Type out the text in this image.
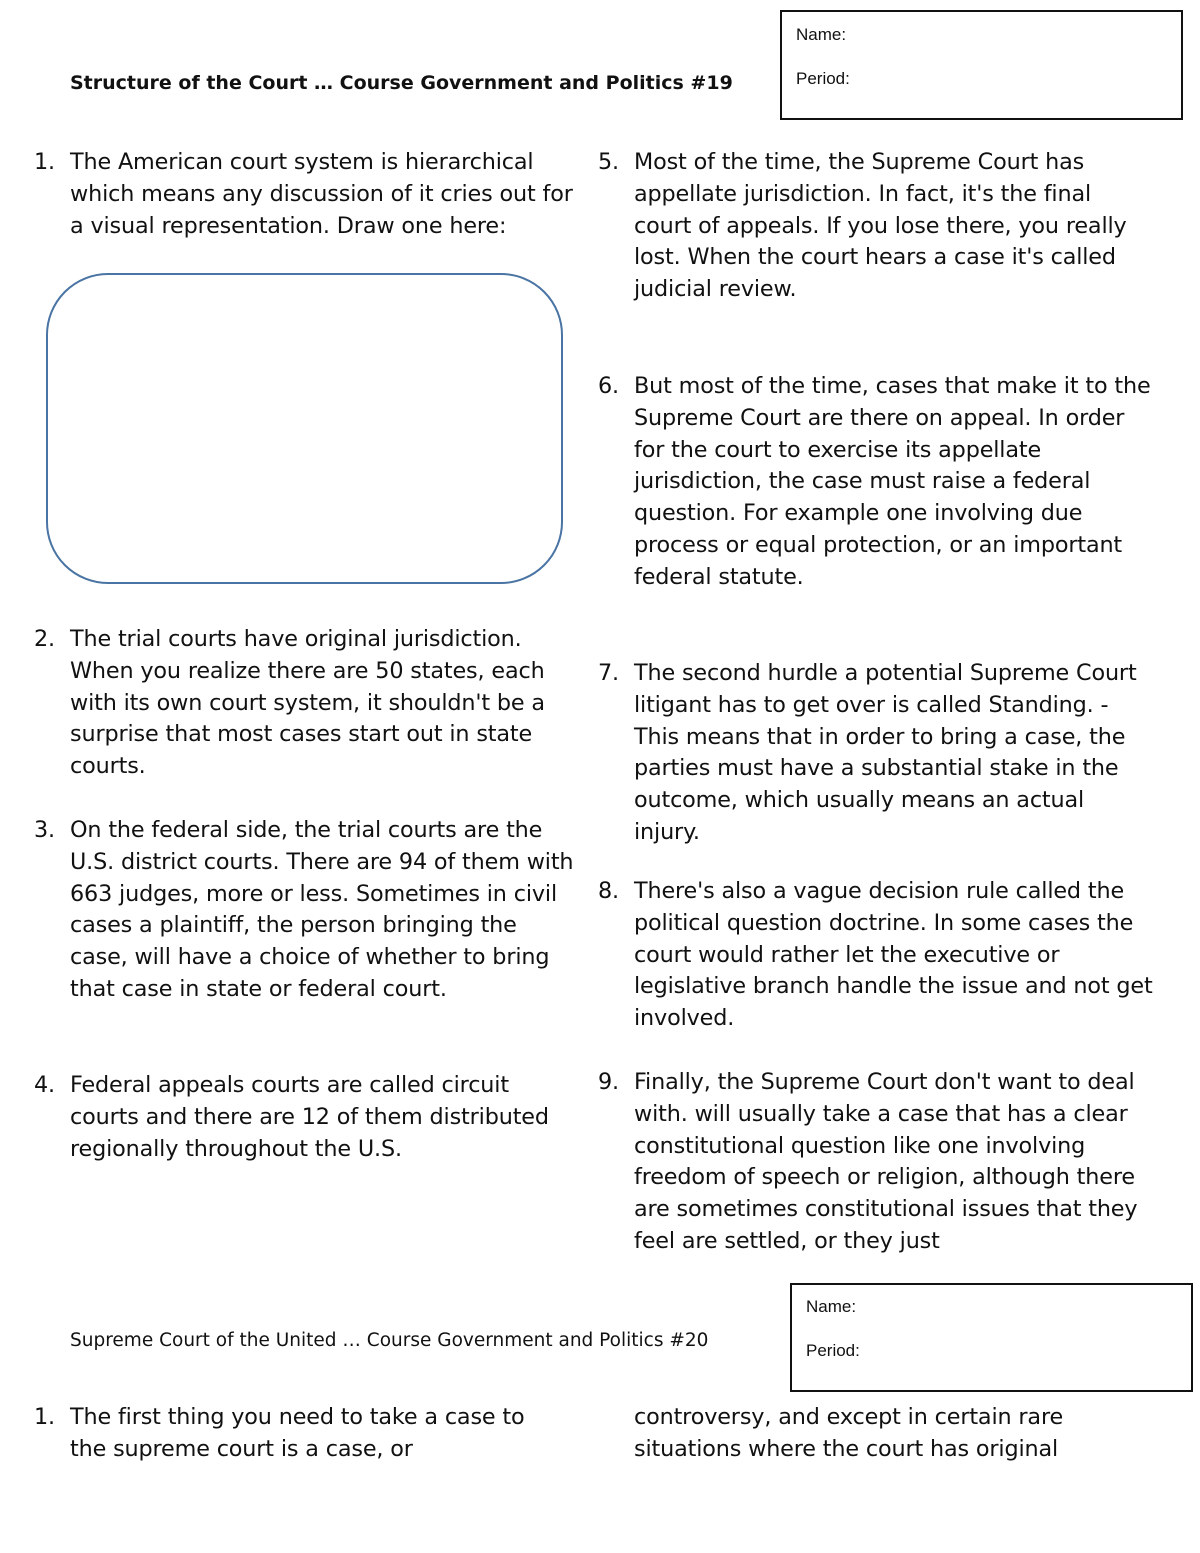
Name:
Period:
Structure of the Court … Course Government and Politics #19
1. The American court system is hierarchical which means any discussion of it cries out for a visual representation. Draw one here:
2. The trial courts have original jurisdiction. When you realize there are 50 states, each with its own court system, it shouldn't be a surprise that most cases start out in state courts.
3. On the federal side, the trial courts are the U.S. district courts. There are 94 of them with 663 judges, more or less. Sometimes in civil cases a plaintiff, the person bringing the case, will have a choice of whether to bring that case in state or federal court.
4. Federal appeals courts are called circuit courts and there are 12 of them distributed regionally throughout the U.S.
5. Most of the time, the Supreme Court has appellate jurisdiction. In fact, it's the final court of appeals. If you lose there, you really lost. When the court hears a case it's called judicial review.
6. But most of the time, cases that make it to the Supreme Court are there on appeal. In order for the court to exercise its appellate jurisdiction, the case must raise a federal question. For example one involving due process or equal protection, or an important federal statute.
7. The second hurdle a potential Supreme Court litigant has to get over is called Standing. - This means that in order to bring a case, the parties must have a substantial stake in the outcome, which usually means an actual injury.
8. There's also a vague decision rule called the political question doctrine. In some cases the court would rather let the executive or legislative branch handle the issue and not get involved.
9. Finally, the Supreme Court don't want to deal with. will usually take a case that has a clear constitutional question like one involving freedom of speech or religion, although there are sometimes constitutional issues that they feel are settled, or they just
Name:
Period:
Supreme Court of the United … Course Government and Politics #20
1. The first thing you need to take a case to the supreme court is a case, or
controversy, and except in certain rare situations where the court has original
